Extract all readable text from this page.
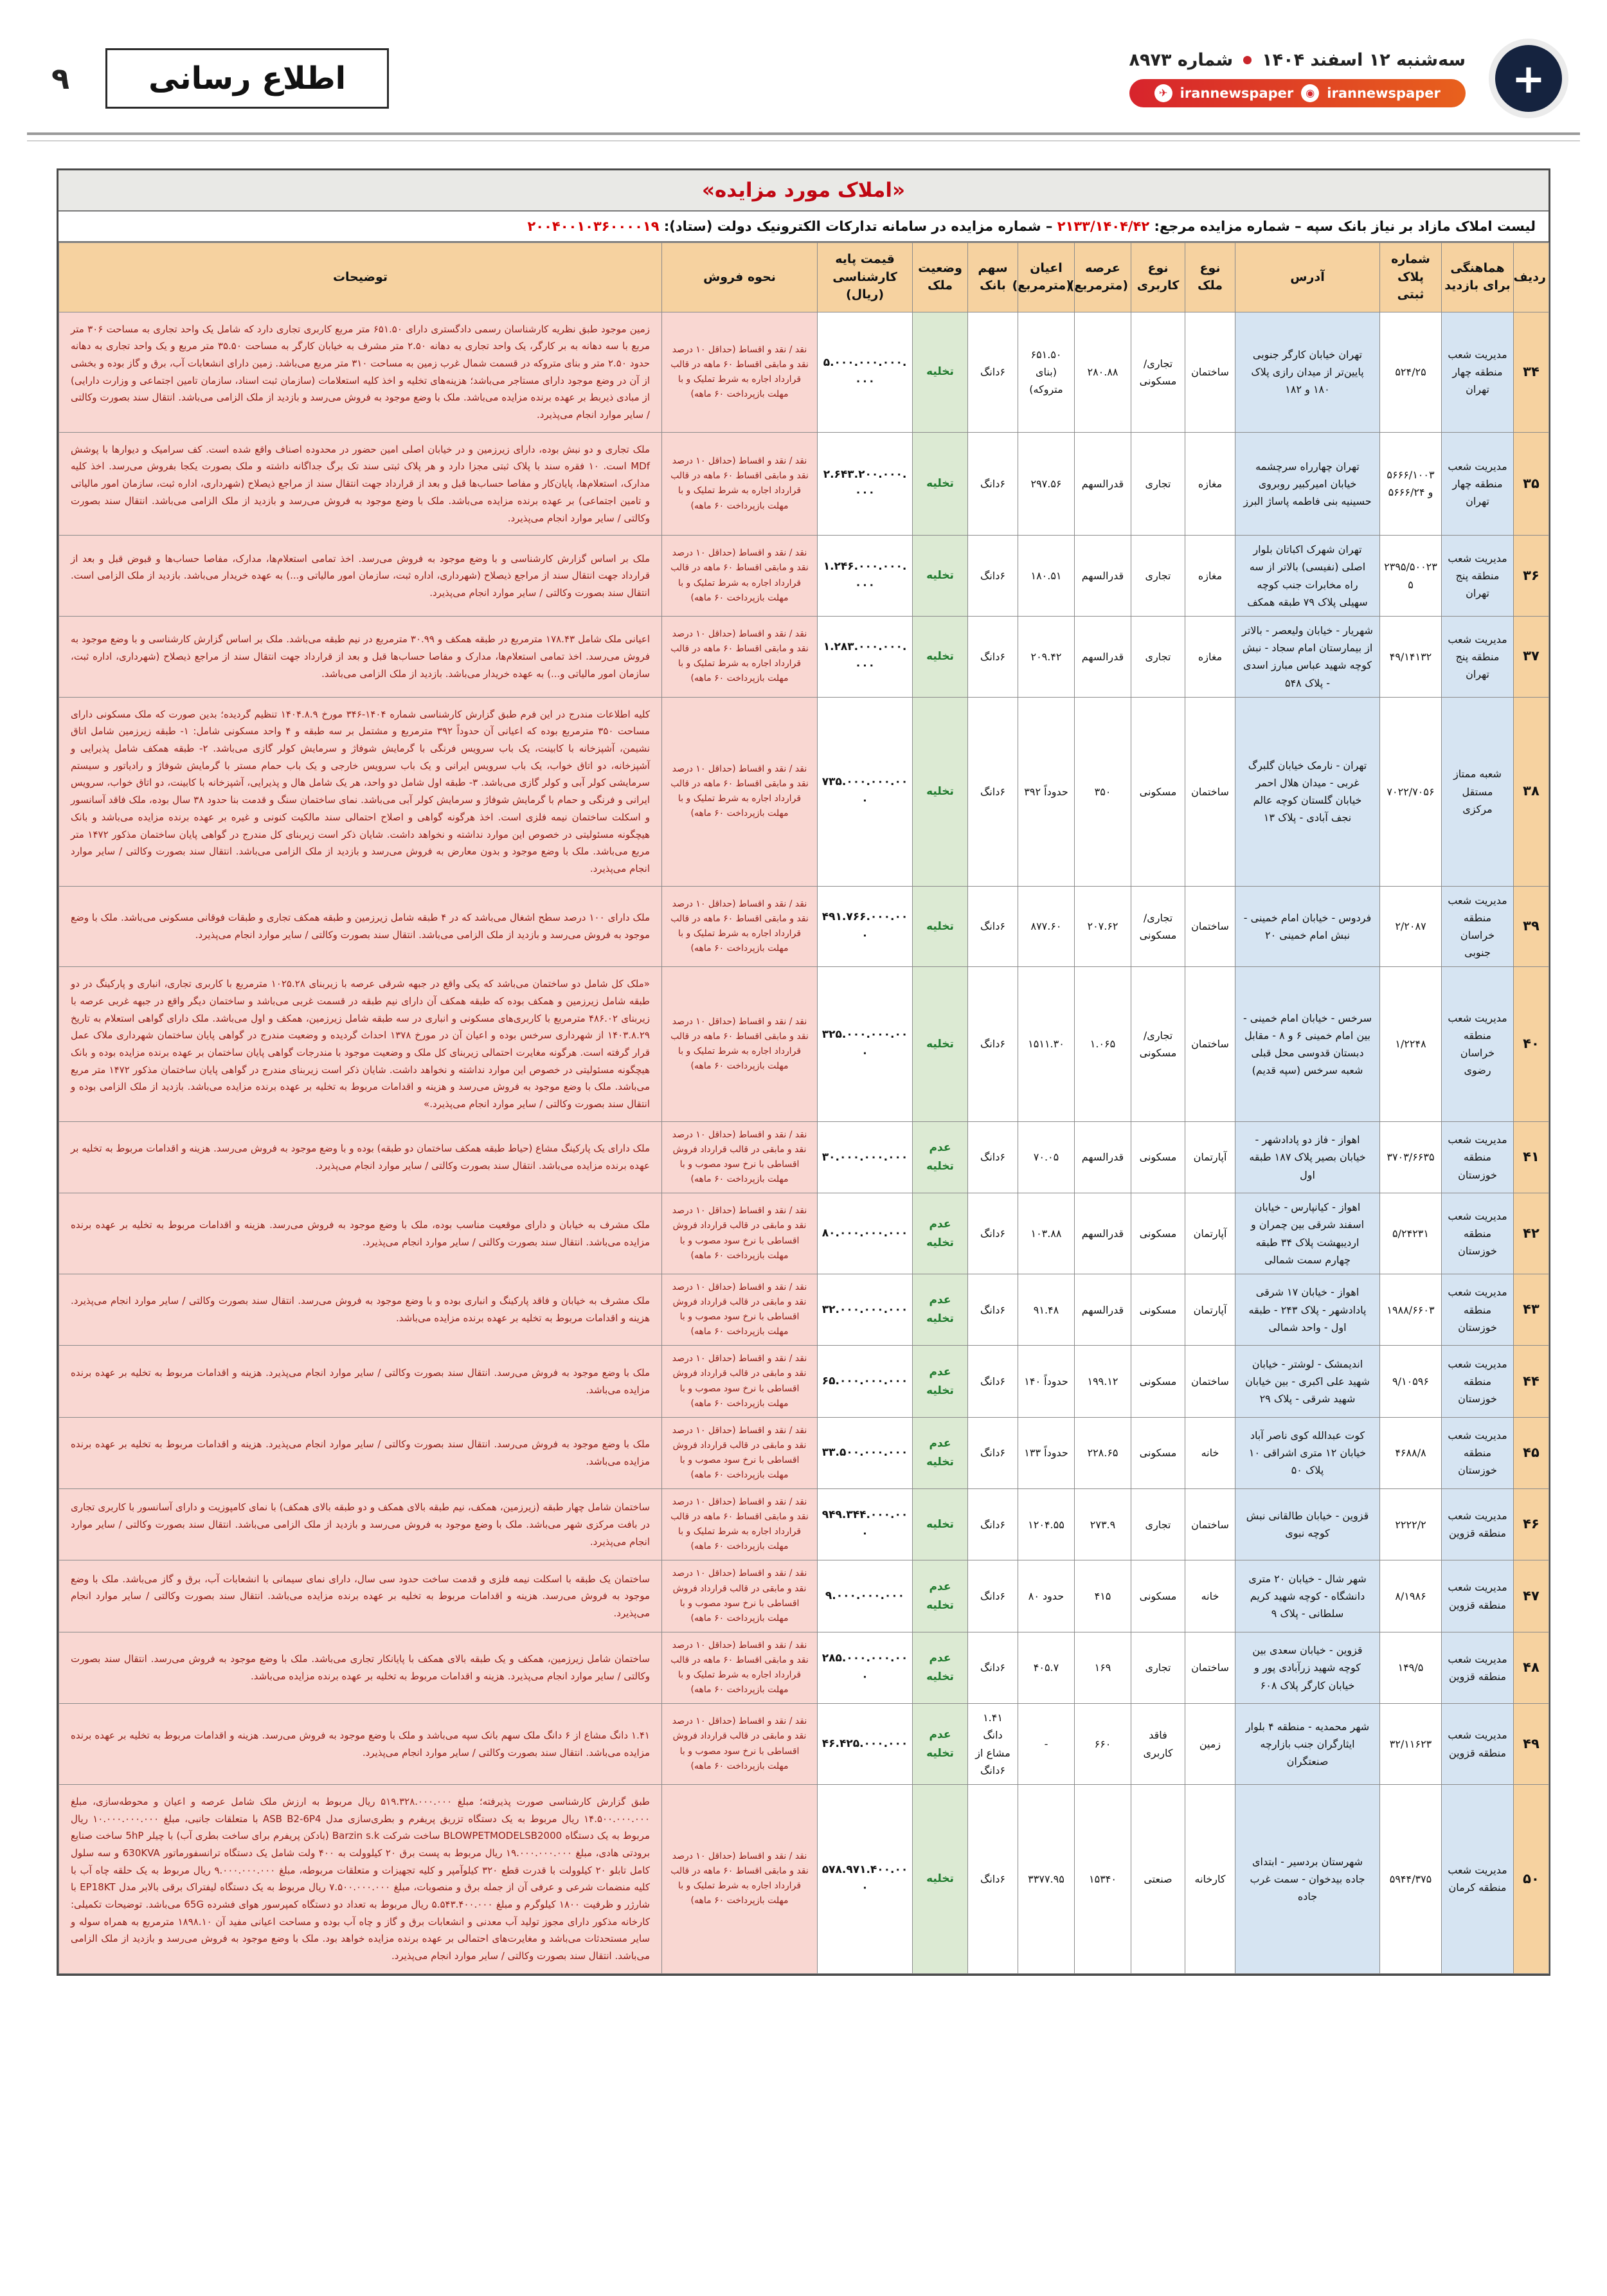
+
سه‌شنبه ۱۲ اسفند ۱۴۰۴
شماره ۸۹۷۳
✈ irannewspaper	◉ irannewspaper
اطلاع رسانی
۹
«املاک مورد مزایده»
لیست املاک مازاد بر نیاز بانک سپه – شماره مزایده مرجع: ۲۱۳۳/۱۴۰۴/۴۲ – شماره مزایده در سامانه تدارکات الکترونیک دولت (ستاد): ۲۰۰۴۰۰۱۰۳۶۰۰۰۰۱۹
ردیف	هماهنگی برای بازدید	شماره پلاک ثبتی	آدرس	نوع ملک	نوع کاربری	عرصه (مترمربع)	اعیان (مترمربع)	سهم بانک	وضعیت ملک	قیمت پایه کارشناسی (ریال)	نحوه فروش	توضیحات
۳۴	مدیریت شعب منطقه چهار تهران	۵۲۴/۲۵	تهران خیابان کارگر جنوبی پایین‌تر از میدان رازی پلاک ۱۸۰ و ۱۸۲	ساختمان	تجاری/ مسکونی	۲۸۰.۸۸	۶۵۱.۵۰ (بنای متروکه)	۶دانگ	تخلیه	۵.۰۰۰.۰۰۰.۰۰۰.۰۰۰	نقد / نقد و اقساط (حداقل ۱۰ درصد نقد و مابقی اقساط ۶۰ ماهه در قالب قرارداد اجاره به شرط تملیک و با مهلت بازپرداخت ۶۰ ماهه)	زمین موجود طبق نظریه کارشناسان رسمی دادگستری دارای ۶۵۱.۵۰ متر مربع کاربری تجاری دارد که شامل یک واحد تجاری به مساحت ۳۰۶ متر مربع با سه دهانه به بر کارگر، یک واحد تجاری به دهانه ۲.۵۰ متر مشرف به خیابان کارگر به مساحت ۳۵.۵۰ متر مربع و یک واحد تجاری به دهانه حدود ۲.۵۰ متر و بنای متروکه در قسمت شمال غرب زمین به مساحت ۳۱۰ متر مربع می‌باشد. زمین دارای انشعابات آب، برق و گاز بوده و بخشی از آن در وضع موجود دارای مستاجر می‌باشد؛ هزینه‌های تخلیه و اخذ کلیه استعلامات (سازمان ثبت اسناد، سازمان تامین اجتماعی و وزارت دارایی) از مبادی ذیربط بر عهده برنده مزایده می‌باشد. ملک با وضع موجود به فروش می‌رسد و بازدید از ملک الزامی می‌باشد. انتقال سند بصورت وکالتی / سایر موارد انجام می‌پذیرد.
۳۵	مدیریت شعب منطقه چهار تهران	۵۶۶۶/۱۰۰۳ و ۵۶۶۶/۲۴	تهران چهارراه سرچشمه خیابان امیرکبیر روبروی حسینیه بنی فاطمه پاساژ البرز	مغازه	تجاری	قدرالسهم	۲۹۷.۵۶	۶دانگ	تخلیه	۲.۶۴۳.۲۰۰.۰۰۰.۰۰۰	نقد / نقد و اقساط (حداقل ۱۰ درصد نقد و مابقی اقساط ۶۰ ماهه در قالب قرارداد اجاره به شرط تملیک و با مهلت بازپرداخت ۶۰ ماهه)	ملک تجاری و دو نبش بوده، دارای زیرزمین و در خیابان اصلی امین حضور در محدوده اصناف واقع شده است. کف سرامیک و دیوارها با پوشش MDf است. ۱۰ فقره سند با پلاک ثبتی مجزا دارد و هر پلاک ثبتی سند تک برگ جداگانه داشته و ملک بصورت یکجا بفروش می‌رسد. اخذ کلیه مدارک، استعلام‌ها، پایان‌کار و مفاصا حساب‌ها قبل و بعد از قرارداد جهت انتقال سند از مراجع ذیصلاح (شهرداری، اداره ثبت، سازمان امور مالیاتی و تامین اجتماعی) بر عهده برنده مزایده می‌باشد. ملک با وضع موجود به فروش می‌رسد و بازدید از ملک الزامی می‌باشد. انتقال سند بصورت وکالتی / سایر موارد انجام می‌پذیرد.
۳۶	مدیریت شعب منطقه پنج تهران	۲۳۹۵/۵۰۰۲۳۵	تهران شهرک اکباتان بلوار اصلی (نفیسی) بالاتر از سه راه مخابرات جنب کوچه سهیلی پلاک ۷۹ طبقه همکف	مغازه	تجاری	قدرالسهم	۱۸۰.۵۱	۶دانگ	تخلیه	۱.۲۴۶.۰۰۰.۰۰۰.۰۰۰	نقد / نقد و اقساط (حداقل ۱۰ درصد نقد و مابقی اقساط ۶۰ ماهه در قالب قرارداد اجاره به شرط تملیک و با مهلت بازپرداخت ۶۰ ماهه)	ملک بر اساس گزارش کارشناسی و با وضع موجود به فروش می‌رسد. اخذ تمامی استعلام‌ها، مدارک، مفاصا حساب‌ها و قبوض قبل و بعد از قرارداد جهت انتقال سند از مراجع ذیصلاح (شهرداری، اداره ثبت، سازمان امور مالیاتی و...) به عهده خریدار می‌باشد. بازدید از ملک الزامی است. انتقال سند بصورت وکالتی / سایر موارد انجام می‌پذیرد.
۳۷	مدیریت شعب منطقه پنج تهران	۴۹/۱۴۱۳۲	شهریار - خیابان ولیعصر - بالاتر از بیمارستان امام سجاد - نبش کوچه شهید عباس مبارز اسدی - پلاک ۵۴۸	مغازه	تجاری	قدرالسهم	۲۰۹.۴۲	۶دانگ	تخلیه	۱.۲۸۳.۰۰۰.۰۰۰.۰۰۰	نقد / نقد و اقساط (حداقل ۱۰ درصد نقد و مابقی اقساط ۶۰ ماهه در قالب قرارداد اجاره به شرط تملیک و با مهلت بازپرداخت ۶۰ ماهه)	اعیانی ملک شامل ۱۷۸.۴۳ مترمربع در طبقه همکف و ۳۰.۹۹ مترمربع در نیم طبقه می‌باشد. ملک بر اساس گزارش کارشناسی و با وضع موجود به فروش می‌رسد. اخذ تمامی استعلام‌ها، مدارک و مفاصا حساب‌ها قبل و بعد از قرارداد جهت انتقال سند از مراجع ذیصلاح (شهرداری، اداره ثبت، سازمان امور مالیاتی و...) به عهده خریدار می‌باشد. بازدید از ملک الزامی می‌باشد.
۳۸	شعبه ممتاز مستقل مرکزی	۷۰۲۲/۷۰۵۶	تهران - نارمک خیابان گلبرگ غربی - میدان هلال احمر خیابان گلستان کوچه عالم نجف آبادی - پلاک ۱۳	ساختمان	مسکونی	۳۵۰	حدوداً ۳۹۲	۶دانگ	تخلیه	۷۳۵.۰۰۰.۰۰۰.۰۰۰	نقد / نقد و اقساط (حداقل ۱۰ درصد نقد و مابقی اقساط ۶۰ ماهه در قالب قرارداد اجاره به شرط تملیک و با مهلت بازپرداخت ۶۰ ماهه)	کلیه اطلاعات مندرج در این فرم طبق گزارش کارشناسی شماره ۱۴۰۴-۳۴۶ مورخ ۱۴۰۴.۸.۹ تنظیم گردیده؛ بدین صورت که ملک مسکونی دارای مساحت ۳۵۰ مترمربع بوده که اعیانی آن حدوداً ۳۹۲ مترمربع و مشتمل بر سه طبقه و ۴ واحد مسکونی شامل: ۱- طبقه زیرزمین شامل اتاق نشیمن، آشپزخانه با کابینت، یک باب سرویس فرنگی با گرمایش شوفاژ و سرمایش کولر گازی می‌باشد. ۲- طبقه همکف شامل پذیرایی و آشپزخانه، دو اتاق خواب، یک باب سرویس ایرانی و یک باب سرویس خارجی و یک باب حمام مستر با گرمایش شوفاژ و رادیاتور و سیستم سرمایشی کولر آبی و کولر گازی می‌باشد. ۳- طبقه اول شامل دو واحد، هر یک شامل هال و پذیرایی، آشپزخانه با کابینت، دو اتاق خواب، سرویس ایرانی و فرنگی و حمام با گرمایش شوفاژ و سرمایش کولر آبی می‌باشد. نمای ساختمان سنگ و قدمت بنا حدود ۳۸ سال بوده، ملک فاقد آسانسور و اسکلت ساختمان نیمه فلزی است. اخذ هرگونه گواهی و اصلاح احتمالی سند مالکیت کنونی و غیره بر عهده برنده مزایده می‌باشد و بانک هیچگونه مسئولیتی در خصوص این موارد نداشته و نخواهد داشت. شایان ذکر است زیربنای کل مندرج در گواهی پایان ساختمان مذکور ۱۴۷۲ متر مربع می‌باشد. ملک با وضع موجود و بدون معارض به فروش می‌رسد و بازدید از ملک الزامی می‌باشد. انتقال سند بصورت وکالتی / سایر موارد انجام می‌پذیرد.
۳۹	مدیریت شعب منطقه خراسان جنوبی	۲/۲۰۸۷	فردوس - خیابان امام خمینی - نبش امام خمینی ۲۰	ساختمان	تجاری/ مسکونی	۲۰۷.۶۲	۸۷۷.۶۰	۶دانگ	تخلیه	۴۹۱.۷۶۶.۰۰۰.۰۰۰	نقد / نقد و اقساط (حداقل ۱۰ درصد نقد و مابقی اقساط ۶۰ ماهه در قالب قرارداد اجاره به شرط تملیک و با مهلت بازپرداخت ۶۰ ماهه)	ملک دارای ۱۰۰ درصد سطح اشغال می‌باشد که در ۴ طبقه شامل زیرزمین و طبقه همکف تجاری و طبقات فوقانی مسکونی می‌باشد. ملک با وضع موجود به فروش می‌رسد و بازدید از ملک الزامی می‌باشد. انتقال سند بصورت وکالتی / سایر موارد انجام می‌پذیرد.
۴۰	مدیریت شعب منطقه خراسان رضوی	۱/۲۲۴۸	سرخس - خیابان امام خمینی - بین امام خمینی ۶ و ۸ - مقابل دبستان قدوسی محل قبلی شعبه سرخس (سپه قدیم)	ساختمان	تجاری/ مسکونی	۱.۰۶۵	۱۵۱۱.۳۰	۶دانگ	تخلیه	۳۲۵.۰۰۰.۰۰۰.۰۰۰	نقد / نقد و اقساط (حداقل ۱۰ درصد نقد و مابقی اقساط ۶۰ ماهه در قالب قرارداد اجاره به شرط تملیک و با مهلت بازپرداخت ۶۰ ماهه)	«ملک کل شامل دو ساختمان می‌باشد که یکی واقع در جبهه شرقی عرصه با زیربنای ۱۰۲۵.۲۸ مترمربع با کاربری تجاری، انباری و پارکینگ در دو طبقه شامل زیرزمین و همکف بوده که طبقه همکف آن دارای نیم طبقه در قسمت غربی می‌باشد و ساختمان دیگر واقع در جبهه غربی عرصه با زیربنای ۴۸۶.۰۲ مترمربع با کاربری‌های مسکونی و انباری در سه طبقه شامل زیرزمین، همکف و اول می‌باشد. ملک دارای گواهی استعلام به تاریخ ۱۴۰۳.۸.۲۹ از شهرداری سرخس بوده و اعیان آن در مورخ ۱۳۷۸ احداث گردیده و وضعیت مندرج در گواهی پایان ساختمان شهرداری ملاک عمل قرار گرفته است. هرگونه مغایرت احتمالی زیربنای کل ملک و وضعیت موجود با مندرجات گواهی پایان ساختمان بر عهده برنده مزایده بوده و بانک هیچگونه مسئولیتی در خصوص این موارد نداشته و نخواهد داشت. شایان ذکر است زیربنای مندرج در گواهی پایان ساختمان مذکور ۱۴۷۲ متر مربع می‌باشد. ملک با وضع موجود به فروش می‌رسد و هزینه و اقدامات مربوط به تخلیه بر عهده برنده مزایده می‌باشد. بازدید از ملک الزامی بوده و انتقال سند بصورت وکالتی / سایر موارد انجام می‌پذیرد.»
۴۱	مدیریت شعب منطقه خوزستان	۳۷۰۳/۶۶۳۵	اهواز - فاز دو پادادشهر - خیابان بصیر پلاک ۱۸۷ طبقه اول	آپارتمان	مسکونی	قدرالسهم	۷۰.۰۵	۶دانگ	عدم تخلیه	۳۰.۰۰۰.۰۰۰.۰۰۰	نقد / نقد و اقساط (حداقل ۱۰ درصد نقد و مابقی در قالب قرارداد فروش اقساطی با نرخ سود مصوب و با مهلت بازپرداخت ۶۰ ماهه)	ملک دارای یک پارکینگ مشاع (حیاط طبقه همکف ساختمان دو طبقه) بوده و با وضع موجود به فروش می‌رسد. هزینه و اقدامات مربوط به تخلیه بر عهده برنده مزایده می‌باشد. انتقال سند بصورت وکالتی / سایر موارد انجام می‌پذیرد.
۴۲	مدیریت شعب منطقه خوزستان	۵/۲۴۲۳۱	اهواز - کیانپارس - خیابان اسفند شرقی بین چمران و اردیبهشت پلاک ۳۴ طبقه چهارم سمت شمالی	آپارتمان	مسکونی	قدرالسهم	۱۰۳.۸۸	۶دانگ	عدم تخلیه	۸۰.۰۰۰.۰۰۰.۰۰۰	نقد / نقد و اقساط (حداقل ۱۰ درصد نقد و مابقی در قالب قرارداد فروش اقساطی با نرخ سود مصوب و با مهلت بازپرداخت ۶۰ ماهه)	ملک مشرف به خیابان و دارای موقعیت مناسب بوده، ملک با وضع موجود به فروش می‌رسد. هزینه و اقدامات مربوط به تخلیه بر عهده برنده مزایده می‌باشد. انتقال سند بصورت وکالتی / سایر موارد انجام می‌پذیرد.
۴۳	مدیریت شعب منطقه خوزستان	۱۹۸۸/۶۶۰۳	اهواز - خیابان ۱۷ شرقی پادادشهر - پلاک ۲۴۳ - طبقه اول - واحد شمالی	آپارتمان	مسکونی	قدرالسهم	۹۱.۴۸	۶دانگ	عدم تخلیه	۳۲.۰۰۰.۰۰۰.۰۰۰	نقد / نقد و اقساط (حداقل ۱۰ درصد نقد و مابقی در قالب قرارداد فروش اقساطی با نرخ سود مصوب و با مهلت بازپرداخت ۶۰ ماهه)	ملک مشرف به خیابان و فاقد پارکینگ و انباری بوده و با وضع موجود به فروش می‌رسد. انتقال سند بصورت وکالتی / سایر موارد انجام می‌پذیرد. هزینه و اقدامات مربوط به تخلیه بر عهده برنده مزایده می‌باشد.
۴۴	مدیریت شعب منطقه خوزستان	۹/۱۰۵۹۶	اندیمشک - لوشتر - خیابان شهید علی اکبری - بین خیابان شهید شرقی - پلاک ۲۹	ساختمان	مسکونی	۱۹۹.۱۲	حدوداً ۱۴۰	۶دانگ	عدم تخلیه	۶۵.۰۰۰.۰۰۰.۰۰۰	نقد / نقد و اقساط (حداقل ۱۰ درصد نقد و مابقی در قالب قرارداد فروش اقساطی با نرخ سود مصوب و با مهلت بازپرداخت ۶۰ ماهه)	ملک با وضع موجود به فروش می‌رسد. انتقال سند بصورت وکالتی / سایر موارد انجام می‌پذیرد. هزینه و اقدامات مربوط به تخلیه بر عهده برنده مزایده می‌باشد.
۴۵	مدیریت شعب منطقه خوزستان	۴۶۸۸/۸	کوت عبدالله کوی ناصر آباد خیابان ۱۲ متری اشراقی ۱۰ پلاک ۵۰	خانه	مسکونی	۲۲۸.۶۵	حدوداً ۱۳۳	۶دانگ	عدم تخلیه	۳۳.۵۰۰.۰۰۰.۰۰۰	نقد / نقد و اقساط (حداقل ۱۰ درصد نقد و مابقی در قالب قرارداد فروش اقساطی با نرخ سود مصوب و با مهلت بازپرداخت ۶۰ ماهه)	ملک با وضع موجود به فروش می‌رسد. انتقال سند بصورت وکالتی / سایر موارد انجام می‌پذیرد. هزینه و اقدامات مربوط به تخلیه بر عهده برنده مزایده می‌باشد.
۴۶	مدیریت شعب منطقه قزوین	۲۲۲۲/۲	قزوین - خیابان طالقانی نبش کوچه نبوی	ساختمان	تجاری	۲۷۳.۹	۱۲۰۴.۵۵	۶دانگ	تخلیه	۹۴۹.۳۴۴.۰۰۰.۰۰۰	نقد / نقد و اقساط (حداقل ۱۰ درصد نقد و مابقی اقساط ۶۰ ماهه در قالب قرارداد اجاره به شرط تملیک و با مهلت بازپرداخت ۶۰ ماهه)	ساختمان شامل چهار طبقه (زیرزمین، همکف، نیم طبقه بالای همکف و دو طبقه بالای همکف) با نمای کامپوزیت و دارای آسانسور با کاربری تجاری در بافت مرکزی شهر می‌باشد. ملک با وضع موجود به فروش می‌رسد و بازدید از ملک الزامی می‌باشد. انتقال سند بصورت وکالتی / سایر موارد انجام می‌پذیرد.
۴۷	مدیریت شعب منطقه قزوین	۸/۱۹۸۶	شهر شال - خیابان ۲۰ متری دانشگاه - کوچه شهید کریم سلطانی - پلاک ۹	خانه	مسکونی	۴۱۵	حدود ۸۰	۶دانگ	عدم تخلیه	۹.۰۰۰.۰۰۰.۰۰۰	نقد / نقد و اقساط (حداقل ۱۰ درصد نقد و مابقی در قالب قرارداد فروش اقساطی با نرخ سود مصوب و با مهلت بازپرداخت ۶۰ ماهه)	ساختمان یک طبقه با اسکلت نیمه فلزی و قدمت ساخت حدود سی سال، دارای نمای سیمانی با انشعابات آب، برق و گاز می‌باشد. ملک با وضع موجود به فروش می‌رسد. هزینه و اقدامات مربوط به تخلیه بر عهده برنده مزایده می‌باشد. انتقال سند بصورت وکالتی / سایر موارد انجام می‌پذیرد.
۴۸	مدیریت شعب منطقه قزوین	۱۴۹/۵	قزوین - خیابان سعدی بین کوچه شهید زرآبادی پور و خیابان کارگر پلاک ۶۰۸	ساختمان	تجاری	۱۶۹	۴۰۵.۷	۶دانگ	عدم تخلیه	۲۸۵.۰۰۰.۰۰۰.۰۰۰	نقد / نقد و اقساط (حداقل ۱۰ درصد نقد و مابقی اقساط ۶۰ ماهه در قالب قرارداد اجاره به شرط تملیک و با مهلت بازپرداخت ۶۰ ماهه)	ساختمان شامل زیرزمین، همکف و یک طبقه بالای همکف با پایانکار تجاری می‌باشد. ملک با وضع موجود به فروش می‌رسد. انتقال سند بصورت وکالتی / سایر موارد انجام می‌پذیرد. هزینه و اقدامات مربوط به تخلیه بر عهده برنده مزایده می‌باشد.
۴۹	مدیریت شعب منطقه قزوین	۳۲/۱۱۶۲۳	شهر محمدیه - منطقه ۴ بلوار ایثارگران جنب بازارچه صنعتگران	زمین	فاقد کاربری	۶۶۰	-	۱.۴۱ دانگ مشاع از ۶دانگ	عدم تخلیه	۴۶.۴۲۵.۰۰۰.۰۰۰	نقد / نقد و اقساط (حداقل ۱۰ درصد نقد و مابقی در قالب قرارداد فروش اقساطی با نرخ سود مصوب و با مهلت بازپرداخت ۶۰ ماهه)	۱.۴۱ دانگ مشاع از ۶ دانگ ملک سهم بانک سپه می‌باشد و ملک با وضع موجود به فروش می‌رسد. هزینه و اقدامات مربوط به تخلیه بر عهده برنده مزایده می‌باشد. انتقال سند بصورت وکالتی / سایر موارد انجام می‌پذیرد.
۵۰	مدیریت شعب منطقه کرمان	۵۹۴۴/۳۷۵	شهرستان بردسیر - ابتدای جاده بیدخوان - سمت غرب جاده	کارخانه	صنعتی	۱۵۳۴۰	۳۳۷۷.۹۵	۶دانگ	تخلیه	۵۷۸.۹۷۱.۴۰۰.۰۰۰	نقد / نقد و اقساط (حداقل ۱۰ درصد نقد و مابقی اقساط ۶۰ ماهه در قالب قرارداد اجاره به شرط تملیک و با مهلت بازپرداخت ۶۰ ماهه)	طبق گزارش کارشناسی صورت پذیرفته؛ مبلغ ۵۱۹.۳۲۸.۰۰۰.۰۰۰ ریال مربوط به ارزش ملک شامل عرصه و اعیان و محوطه‌سازی، مبلغ ۱۴.۵۰۰.۰۰۰.۰۰۰ ریال مربوط به یک دستگاه تزریق پریفرم و بطری‌سازی مدل ASB B2-6P4 با متعلقات جانبی، مبلغ ۱۰.۰۰۰.۰۰۰.۰۰۰ ریال مربوط به یک دستگاه BLOWPETMODELSB2000 ساخت شرکت Barzin s.k (بادکن پریفرم برای ساخت بطری آب) با چیلر 5hP ساخت صنایع برودتی هادی، مبلغ ۱۹.۰۰۰.۰۰۰.۰۰۰ ریال مربوط به پست برق ۲۰ کیلوولت به ۴۰۰ ولت شامل یک دستگاه ترانسفورماتور 630KVA و سه سلول کامل تابلو ۲۰ کیلوولت با قدرت قطع ۳۲۰ کیلوآمپر و کلیه تجهیزات و متعلقات مربوطه، مبلغ ۹.۰۰۰.۰۰۰.۰۰۰ ریال مربوط به یک حلقه چاه آب با کلیه منضمات شرعی و عرفی آن از جمله برق و منصوبات، مبلغ ۷.۵۰۰.۰۰۰.۰۰۰ ریال مربوط به یک دستگاه لیفتراک برقی بالابر مدل EP18KT با شارژر و ظرفیت ۱۸۰۰ کیلوگرم و مبلغ ۵.۵۴۳.۴۰۰.۰۰۰ ریال مربوط به تعداد دو دستگاه کمپرسور هوای فشرده 65G می‌باشد. توضیحات تکمیلی: کارخانه مذکور دارای مجوز تولید آب معدنی و انشعابات برق و گاز و چاه آب بوده و مساحت اعیانی مفید آن ۱۸۹۸.۱۰ مترمربع به همراه سوله و سایر مستحدثات می‌باشد و مغایرت‌های احتمالی بر عهده برنده مزایده خواهد بود. ملک با وضع موجود به فروش می‌رسد و بازدید از ملک الزامی می‌باشد. انتقال سند بصورت وکالتی / سایر موارد انجام می‌پذیرد.
